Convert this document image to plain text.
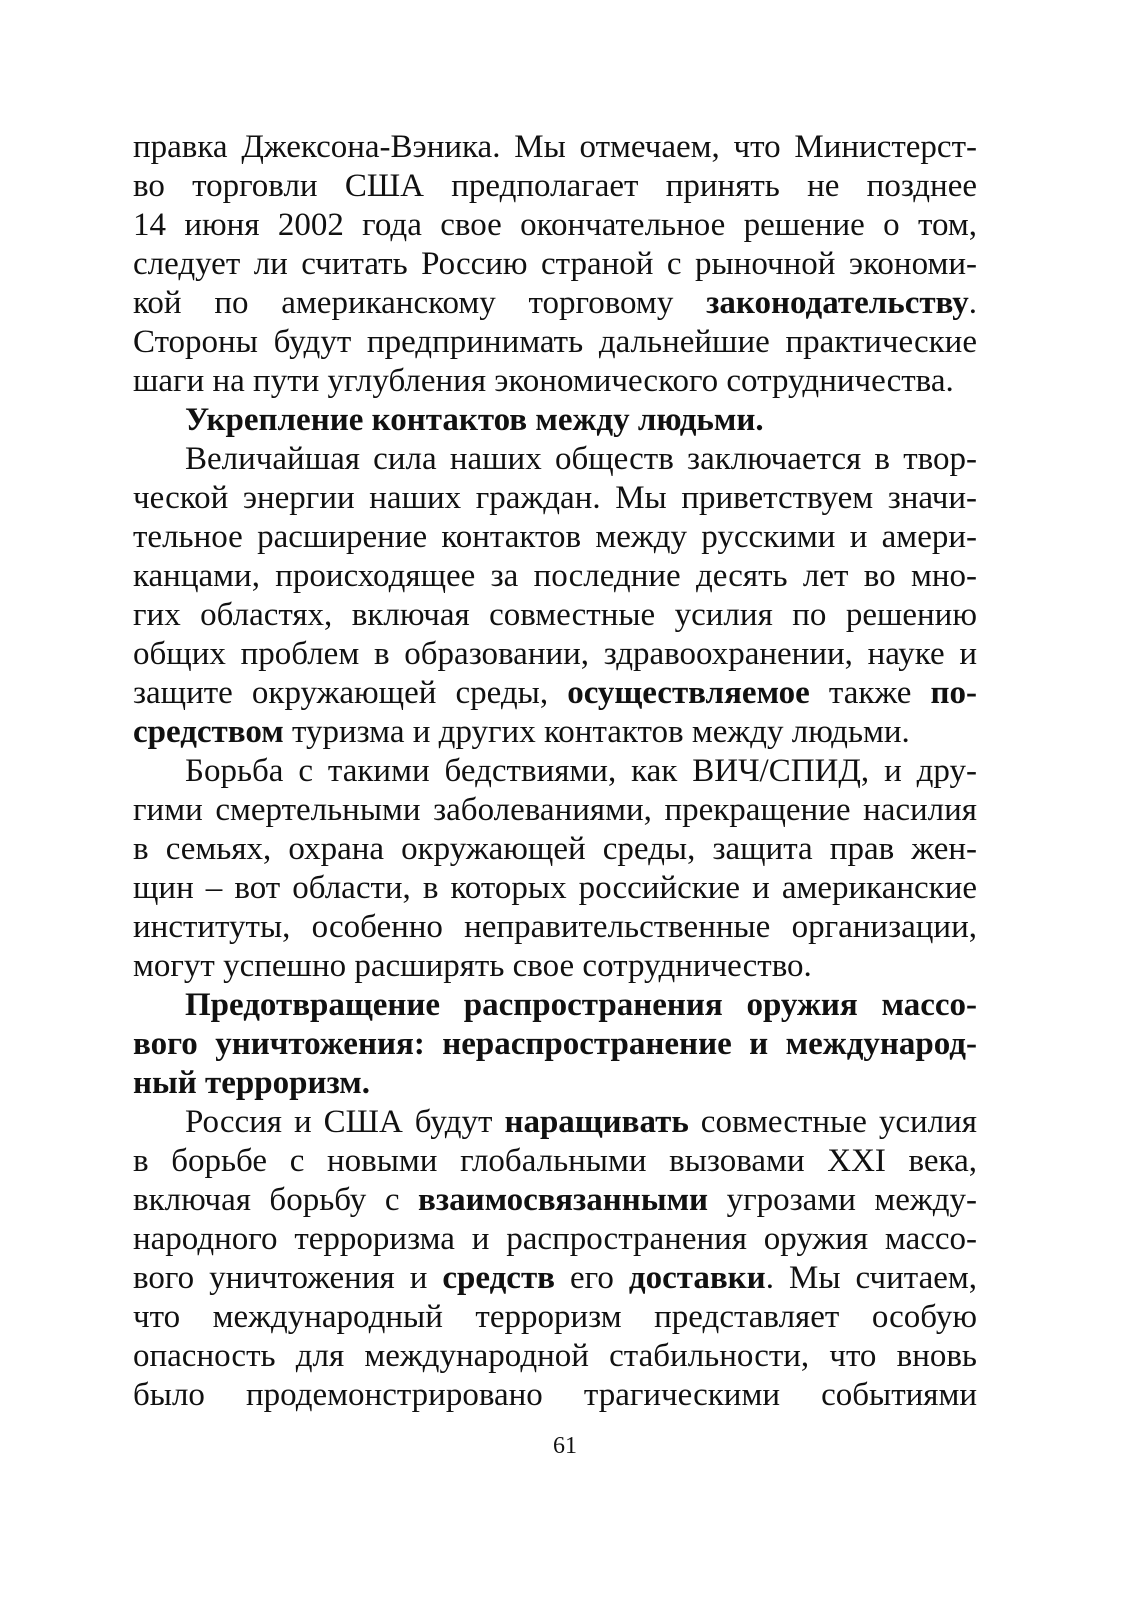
правка Джексона-Вэника. Мы отмечаем, что Министерст-
во торговли США предполагает принять не позднее
14 июня 2002 года свое окончательное решение о том,
следует ли считать Россию страной с рыночной экономи-
кой по американскому торговому законодательству.
Стороны будут предпринимать дальнейшие практические
шаги на пути углубления экономического сотрудничества.
Укрепление контактов между людьми.
Величайшая сила наших обществ заключается в твор-
ческой энергии наших граждан. Мы приветствуем значи-
тельное расширение контактов между русскими и амери-
канцами, происходящее за последние десять лет во мно-
гих областях, включая совместные усилия по решению
общих проблем в образовании, здравоохранении, науке и
защите окружающей среды, осуществляемое также по-
средством туризма и других контактов между людьми.
Борьба с такими бедствиями, как ВИЧ/СПИД, и дру-
гими смертельными заболеваниями, прекращение насилия
в семьях, охрана окружающей среды, защита прав жен-
щин – вот области, в которых российские и американские
институты, особенно неправительственные организации,
могут успешно расширять свое сотрудничество.
Предотвращение распространения оружия массо-
вого уничтожения: нераспространение и международ-
ный терроризм.
Россия и США будут наращивать совместные усилия
в борьбе с новыми глобальными вызовами XXI века,
включая борьбу с взаимосвязанными угрозами между-
народного терроризма и распространения оружия массо-
вого уничтожения и средств его доставки. Мы считаем,
что международный терроризм представляет особую
опасность для международной стабильности, что вновь
было продемонстрировано трагическими событиями
61
